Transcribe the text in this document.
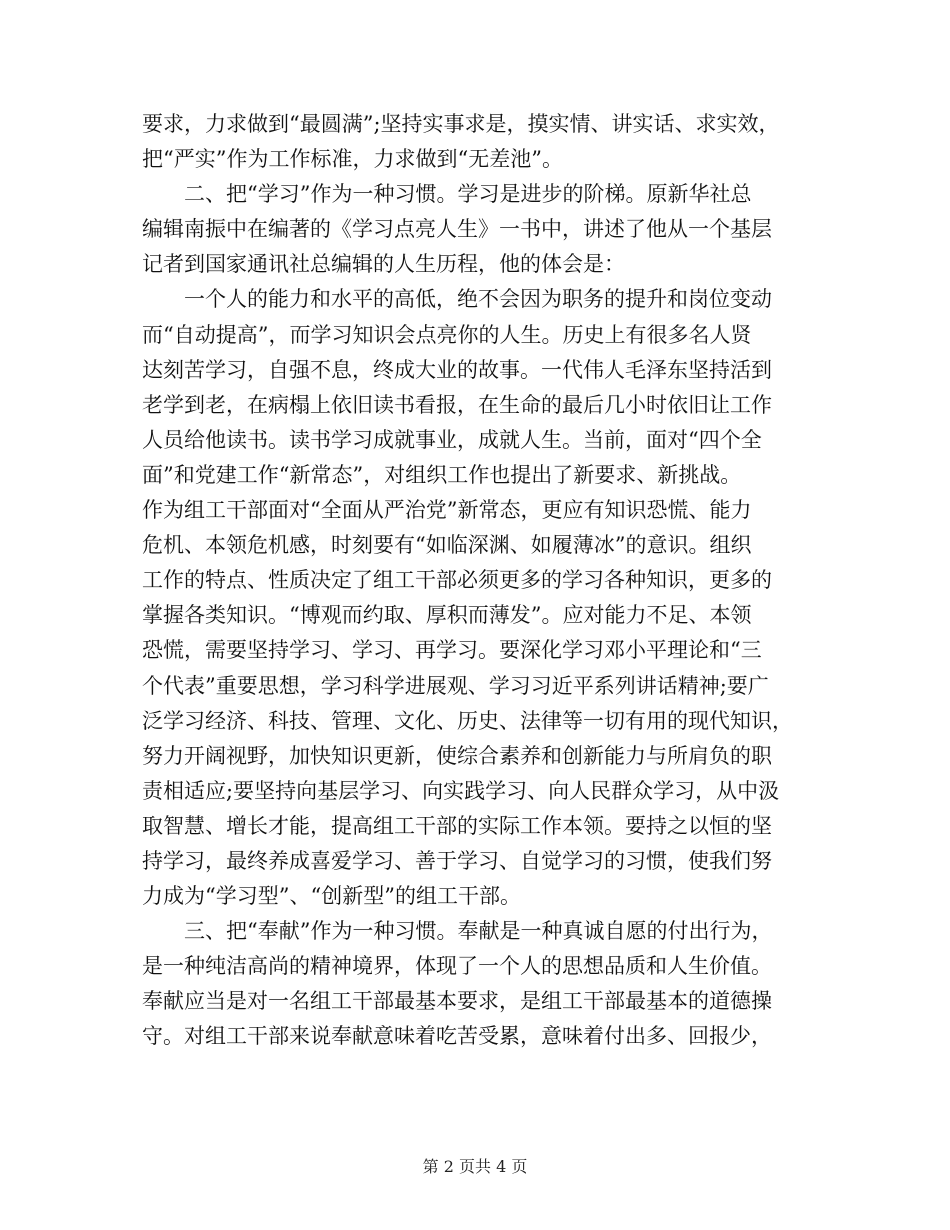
要求，力求做到“最圆满”;坚持实事求是，摸实情、讲实话、求实效，
把“严实”作为工作标准，力求做到“无差池”。
二、把“学习”作为一种习惯。学习是进步的阶梯。原新华社总
编辑南振中在编著的《学习点亮人生》一书中，讲述了他从一个基层
记者到国家通讯社总编辑的人生历程，他的体会是：
一个人的能力和水平的高低，绝不会因为职务的提升和岗位变动
而“自动提高”，而学习知识会点亮你的人生。历史上有很多名人贤
达刻苦学习，自强不息，终成大业的故事。一代伟人毛泽东坚持活到
老学到老，在病榻上依旧读书看报，在生命的最后几小时依旧让工作
人员给他读书。读书学习成就事业，成就人生。当前，面对“四个全
面”和党建工作“新常态”，对组织工作也提出了新要求、新挑战。
作为组工干部面对“全面从严治党”新常态，更应有知识恐慌、能力
危机、本领危机感，时刻要有“如临深渊、如履薄冰”的意识。组织
工作的特点、性质决定了组工干部必须更多的学习各种知识，更多的
掌握各类知识。“博观而约取、厚积而薄发”。应对能力不足、本领
恐慌，需要坚持学习、学习、再学习。要深化学习邓小平理论和“三
个代表”重要思想，学习科学进展观、学习习近平系列讲话精神;要广
泛学习经济、科技、管理、文化、历史、法律等一切有用的现代知识，
努力开阔视野，加快知识更新，使综合素养和创新能力与所肩负的职
责相适应;要坚持向基层学习、向实践学习、向人民群众学习，从中汲
取智慧、增长才能，提高组工干部的实际工作本领。要持之以恒的坚
持学习，最终养成喜爱学习、善于学习、自觉学习的习惯，使我们努
力成为“学习型”、“创新型”的组工干部。
三、把“奉献”作为一种习惯。奉献是一种真诚自愿的付出行为，
是一种纯洁高尚的精神境界，体现了一个人的思想品质和人生价值。
奉献应当是对一名组工干部最基本要求，是组工干部最基本的道德操
守。对组工干部来说奉献意味着吃苦受累，意味着付出多、回报少，
第 2 页共 4 页
